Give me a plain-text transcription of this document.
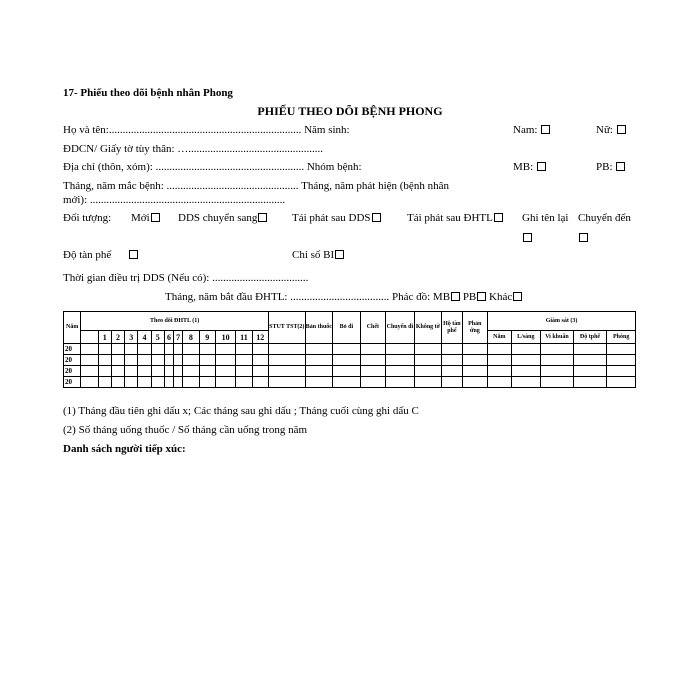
17- Phiếu theo dõi bệnh nhân Phong
PHIẾU THEO DÕI BỆNH PHONG
Họ và tên:...................................................................... Năm sinh:	Nam:	Nữ:
ĐDCN/ Giấy tờ tùy thân: ….................................................
Địa chỉ (thôn, xóm): ...................................................... Nhóm bệnh:	MB:	PB:
Tháng, năm mắc bệnh: ................................................ Tháng, năm phát hiện (bệnh nhân
mới): .......................................................................
Đối tượng: Mới	DDS chuyển sang	Tái phát sau DDS	Tái phát sau ĐHTL	Ghi tên lại Chuyển đến
Độ tàn phế	Chỉ số BI
Thời gian điều trị DDS (Nếu có): ...................................
Tháng, năm bắt đầu ĐHTL: .................................... Phác đồ: MB PB Khác
Năm	Theo dõi ĐHTL (1)													STUT TST(2)	Bản thuốc	Bỏ đi	Chết	Chuyển đi	Không tờ	Hộ tàn phế	Phản ứng	Giám sát (3)				
		1	2	3	4	5	6	7	8	9	10	11	12									Năm	L/sàng	Vi khuẩn	Độ tphế	Phòng
20																										
20																										
20																										
20																										
(1) Tháng đầu tiên ghi dấu x; Các tháng sau ghi dấu ; Tháng cuối cùng ghi dấu C
(2) Số tháng uống thuốc / Số tháng cần uống trong năm
Danh sách người tiếp xúc:
